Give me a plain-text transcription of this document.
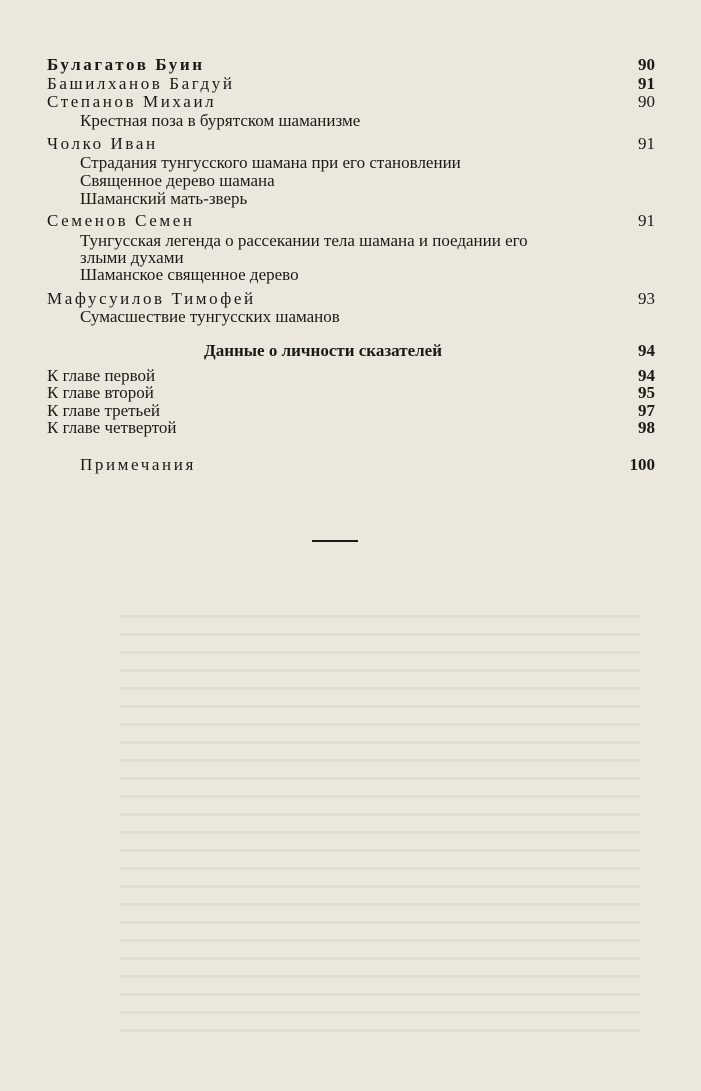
Булагатов Буин	90
Башилханов Багдуй	91
Степанов Михаил	90
Крестная поза в бурятском шаманизме
Чолко Иван	91
Страдания тунгусского шамана при его становлении
Священное дерево шамана
Шаманский мать-зверь
Семенов Семен	91
Тунгусская легенда о рассекании тела шамана и поедании его
злыми духами
Шаманское священное дерево
Мафусуилов Тимофей	93
Сумасшествие тунгусских шаманов
Данные о личности сказателей	94
К главе первой	94
К главе второй	95
К главе третьей	97
К главе четвертой	98
Примечания	100
